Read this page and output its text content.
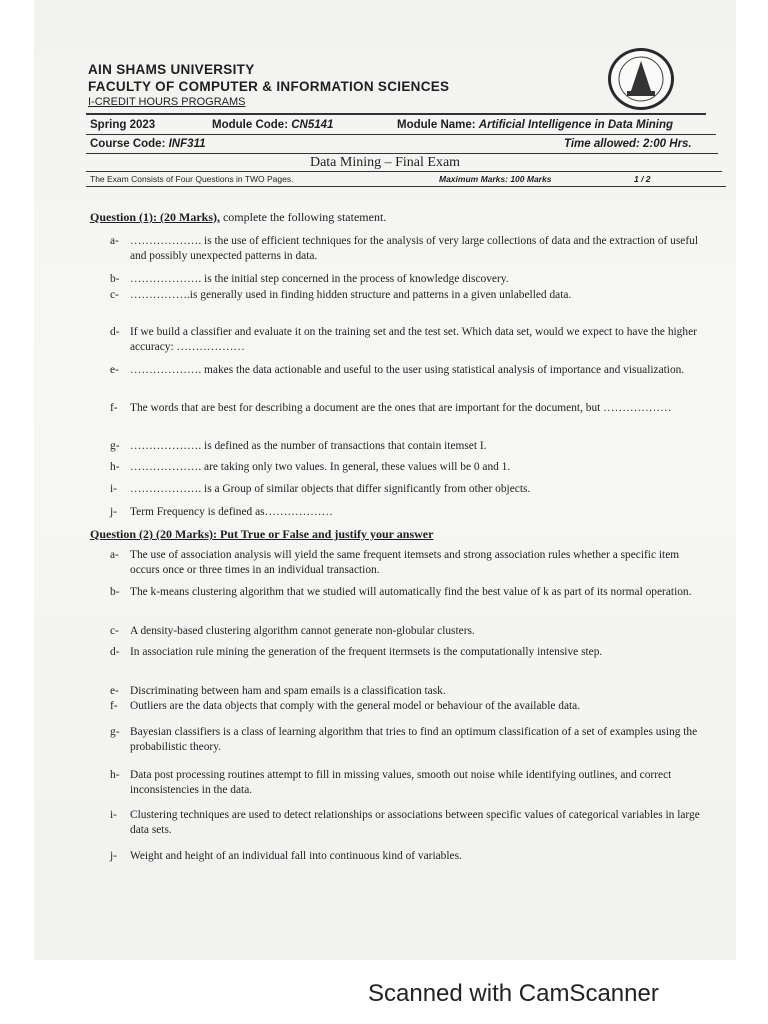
AIN SHAMS UNIVERSITY
FACULTY OF COMPUTER & INFORMATION SCIENCES
I-CREDIT HOURS PROGRAMS
Spring 2023	Module Code: CN5141	Module Name: Artificial Intelligence in Data Mining
Course Code: INF311	Time allowed: 2:00 Hrs.
Data Mining – Final Exam
The Exam Consists of Four Questions in TWO Pages.	Maximum Marks: 100 Marks	1 / 2
Question (1): (20 Marks), complete the following statement.
a- ………………. is the use of efficient techniques for the analysis of very large collections of data and the extraction of useful and possibly unexpected patterns in data.
b- ………………. is the initial step concerned in the process of knowledge discovery.
c- …………….is generally used in finding hidden structure and patterns in a given unlabelled data.
d- If we build a classifier and evaluate it on the training set and the test set. Which data set, would we expect to have the higher accuracy: ………………
e- ………………. makes the data actionable and useful to the user using statistical analysis of importance and visualization.
f- The words that are best for describing a document are the ones that are important for the document, but ………………
g- ………………. is defined as the number of transactions that contain itemset I.
h- ………………. are taking only two values. In general, these values will be 0 and 1.
i- ………………. is a Group of similar objects that differ significantly from other objects.
j- Term Frequency is defined as………………
Question (2) (20 Marks): Put True or False and justify your answer
a- The use of association analysis will yield the same frequent itemsets and strong association rules whether a specific item occurs once or three times in an individual transaction.
b- The k-means clustering algorithm that we studied will automatically find the best value of k as part of its normal operation.
c- A density-based clustering algorithm cannot generate non-globular clusters.
d- In association rule mining the generation of the frequent itermsets is the computationally intensive step.
e- Discriminating between ham and spam emails is a classification task.
f- Outliers are the data objects that comply with the general model or behaviour of the available data.
g- Bayesian classifiers is a class of learning algorithm that tries to find an optimum classification of a set of examples using the probabilistic theory.
h- Data post processing routines attempt to fill in missing values, smooth out noise while identifying outlines, and correct inconsistencies in the data.
i- Clustering techniques are used to detect relationships or associations between specific values of categorical variables in large data sets.
j- Weight and height of an individual fall into continuous kind of variables.
Scanned with CamScanner
